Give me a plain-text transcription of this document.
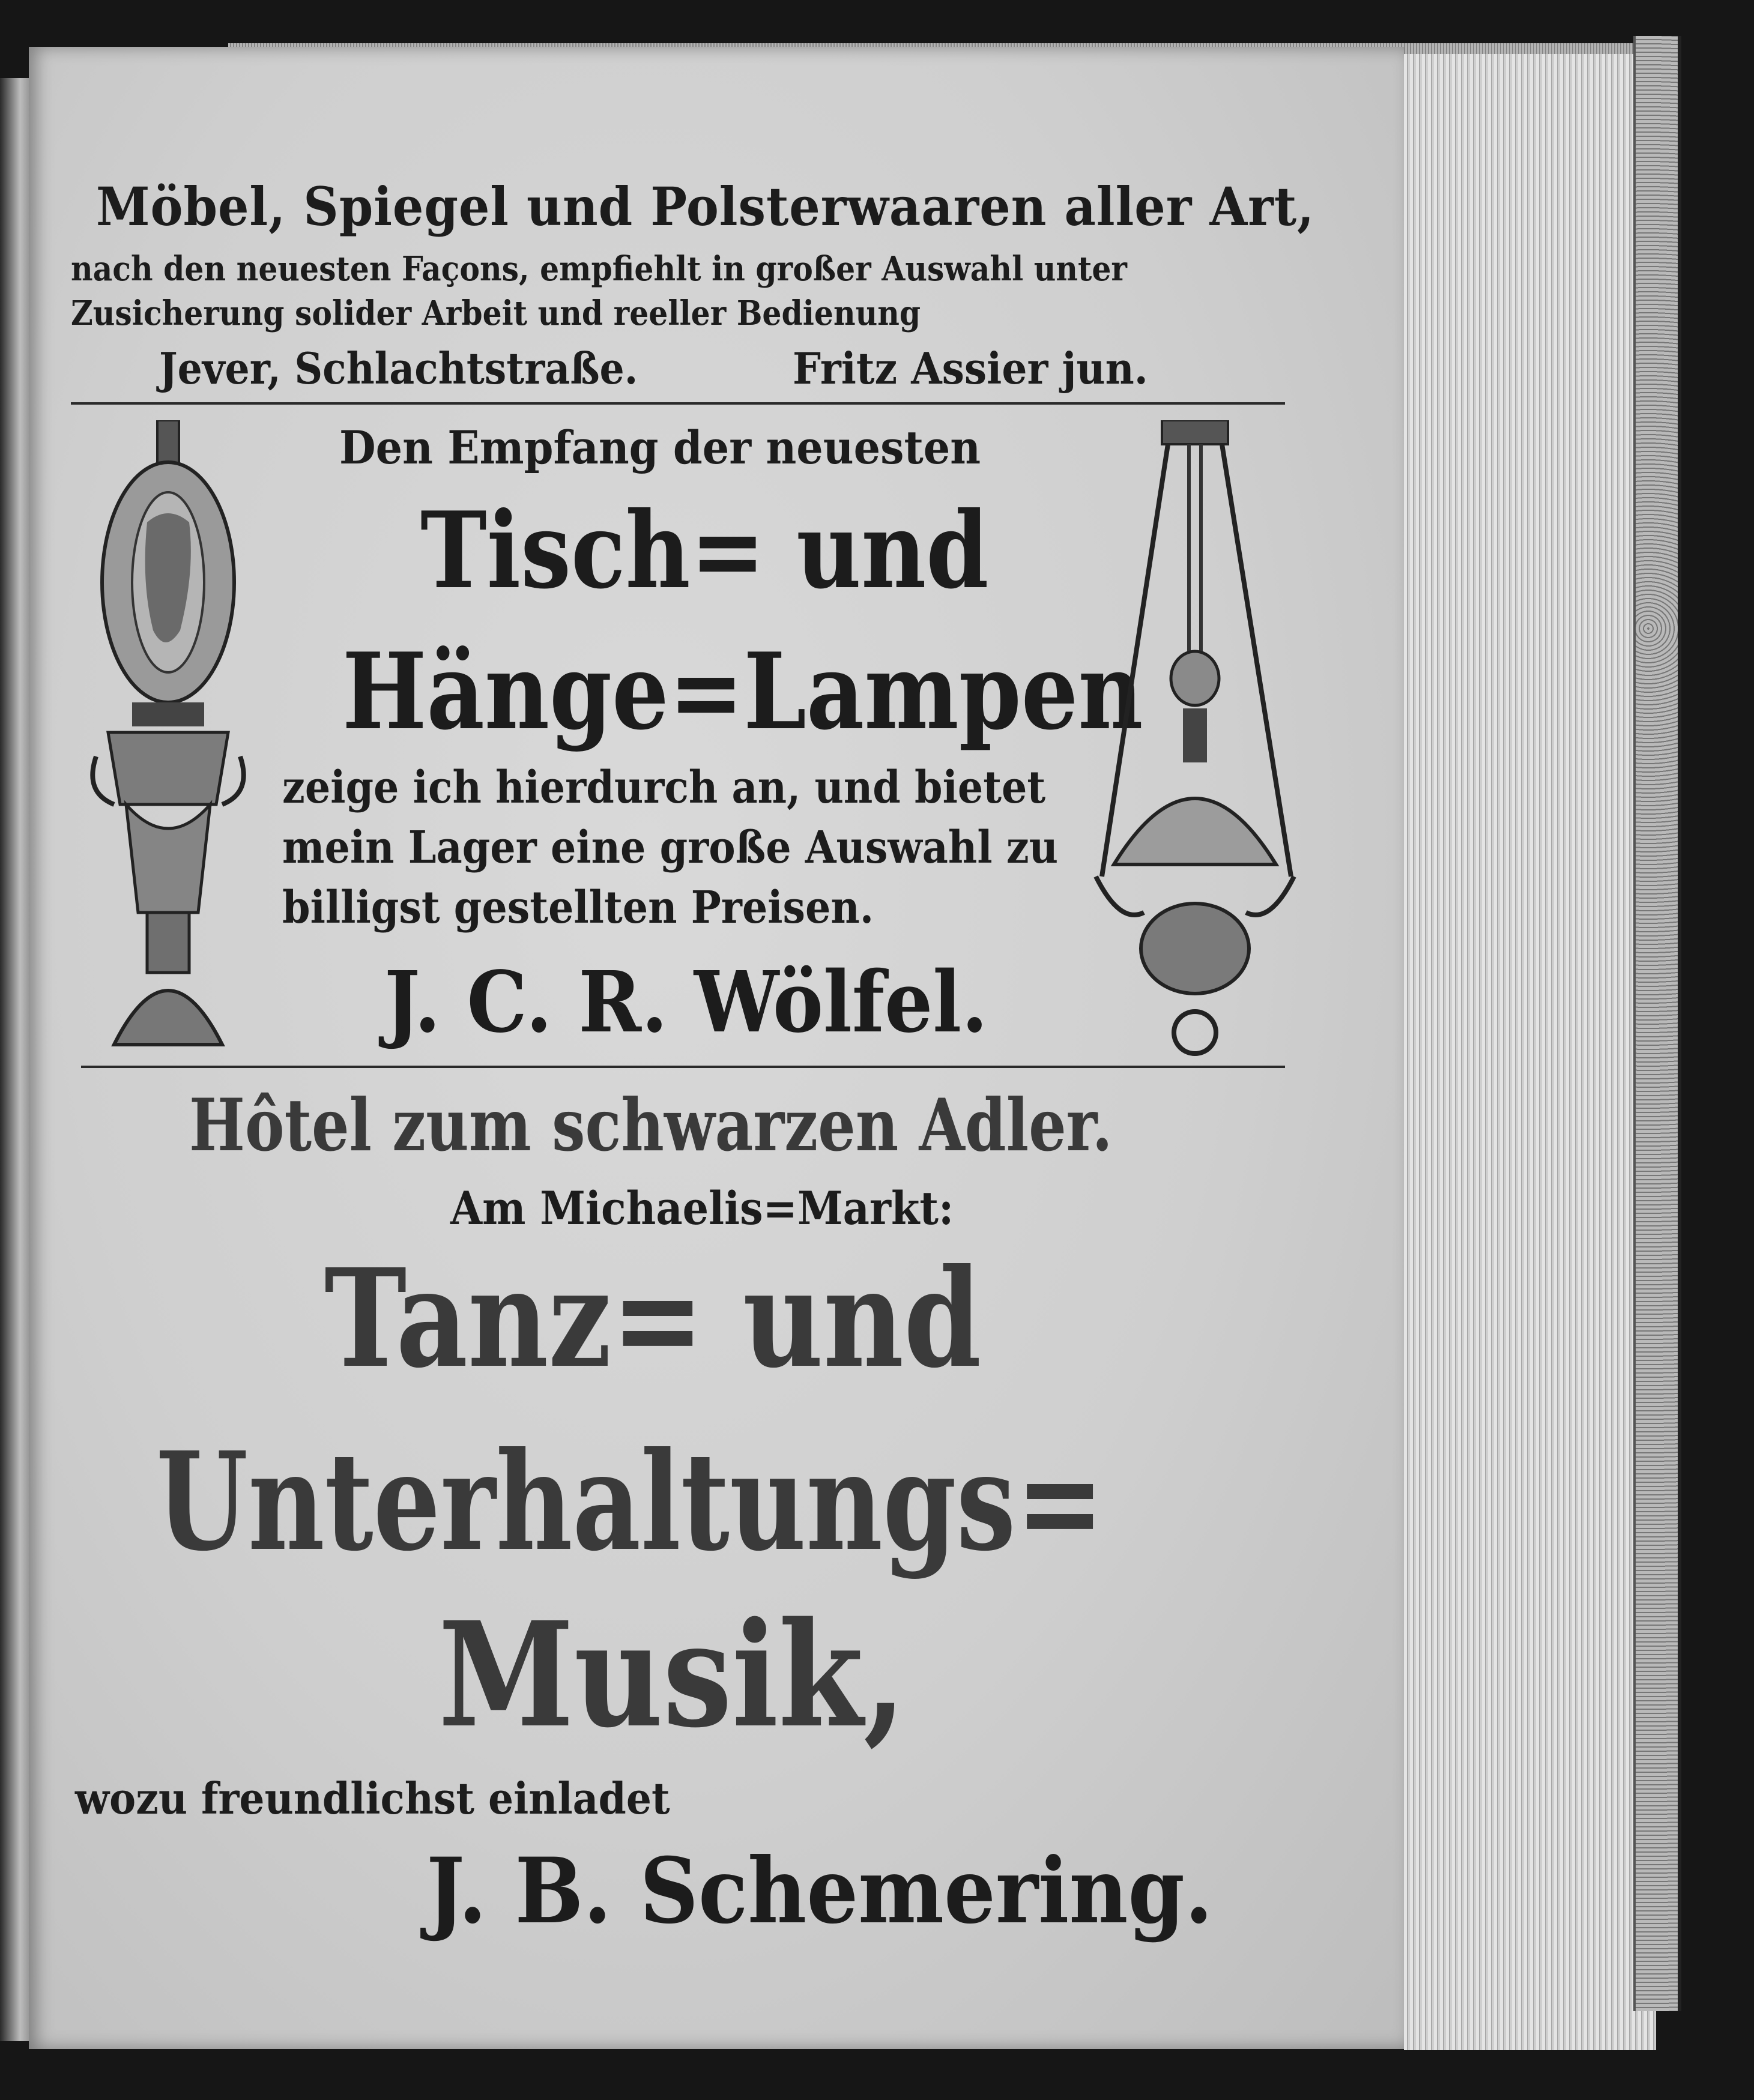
Möbel, Spiegel und Polsterwaaren aller Art,
nach den neuesten Façons, empfiehlt in großer Auswahl unter
Zusicherung solider Arbeit und reeller Bedienung
Jever, Schlachtstraße.	Fritz Assier jun.
Den Empfang der neuesten
Tisch= und
Hänge=Lampen
zeige ich hierdurch an, und bietet
mein Lager eine große Auswahl zu
billigst gestellten Preisen.
J. C. R. Wölfel.
Hôtel zum schwarzen Adler.
Am Michaelis=Markt:
Tanz= und
Unterhaltungs=
Musik,
wozu freundlichst einladet
J. B. Schemering.
